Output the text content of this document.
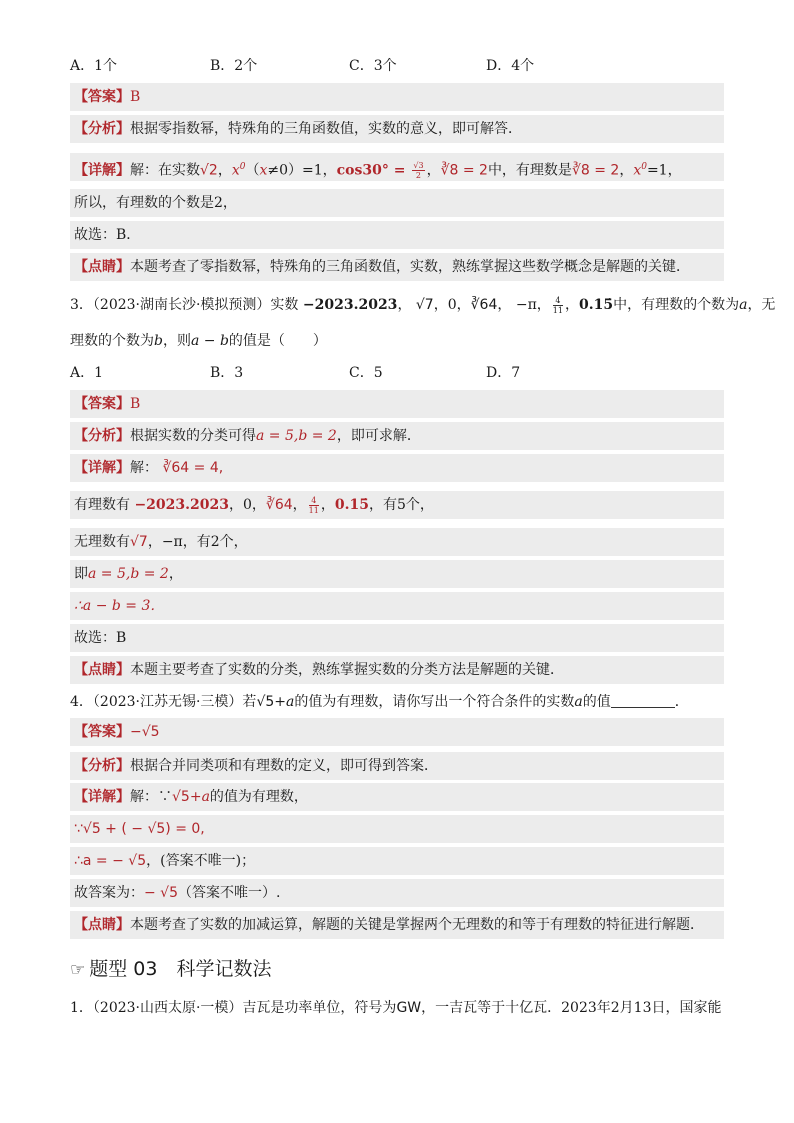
A．1个	B．2个	C．3个	D．4个
【答案】B
【分析】根据零指数幂，特殊角的三角函数值，实数的意义，即可解答．
【详解】解：在实数√2，$x^0(x\ne 0)=1$，$\cos 30^\circ = \frac{√3}{2}$ ，∛8 = 2中，有理数是∛8 = 2，$x^0=1$，
所以，有理数的个数是2，
故选：B．
【点睛】本题考查了零指数幂，特殊角的三角函数值，实数，熟练掌握这些数学概念是解题的关键．
3．（2023·湖南长沙·模拟预测）实数 −2023.2023， √7，0，∛64， −π， $\frac{4}{11}$ ，0.15̇中，有理数的个数为a，无
理数的个数为b，则a − b的值是（　　）
A．1	B．3	C．5	D．7
【答案】B
【分析】根据实数的分类可得a = 5,b = 2，即可求解．
【详解】解： ∛64 = 4,
有理数有 −2023.2023，0，∛64， $\frac{4}{11}$ ，0.15̇，有5个，
无理数有√7，−π，有2个，
即a = 5,b = 2，
∴a − b = 3．
故选：B
【点睛】本题主要考查了实数的分类，熟练掌握实数的分类方法是解题的关键．
4．（2023·江苏无锡·三模）若√5+a的值为有理数，请你写出一个符合条件的实数a的值	．
【答案】−√5
【分析】根据合并同类项和有理数的定义，即可得到答案．
【详解】解：∵√5+a的值为有理数，
∵√5 + ( − √5) = 0,
∴a = − √5，(答案不唯一)；
故答案为：− √5（答案不唯一）.
【点睛】本题考查了实数的加减运算，解题的关键是掌握两个无理数的和等于有理数的特征进行解题．
☞ 题型 03　科学记数法
1．（2023·山西太原·一模）吉瓦是功率单位，符号为GW，一吉瓦等于十亿瓦．2023年2月13日，国家能
